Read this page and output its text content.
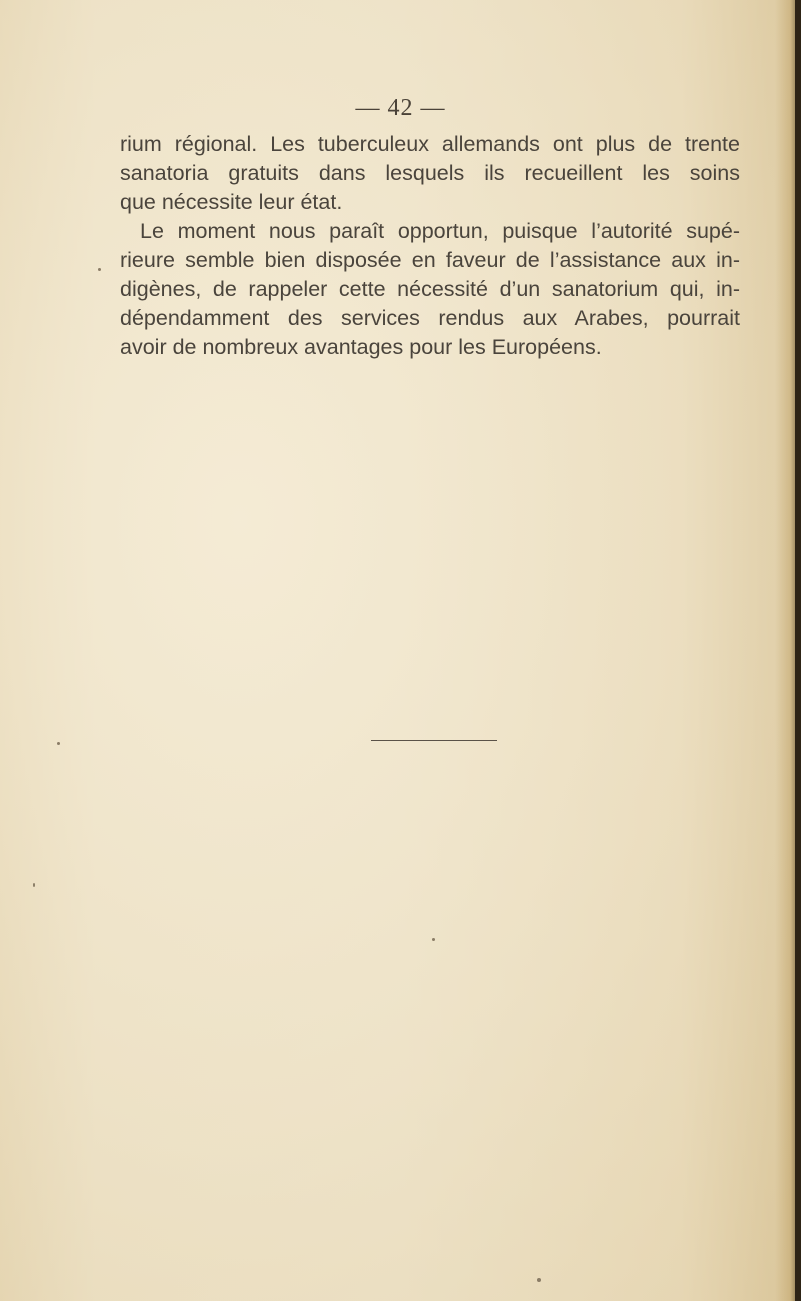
— 42 —
rium régional. Les tuberculeux allemands ont plus de trente
sanatoria gratuits dans lesquels ils recueillent les soins
que nécessite leur état.
Le moment nous paraît opportun, puisque l’autorité supé-
rieure semble bien disposée en faveur de l’assistance aux in-
digènes, de rappeler cette nécessité d’un sanatorium qui, in-
dépendamment des services rendus aux Arabes, pourrait
avoir de nombreux avantages pour les Européens.
